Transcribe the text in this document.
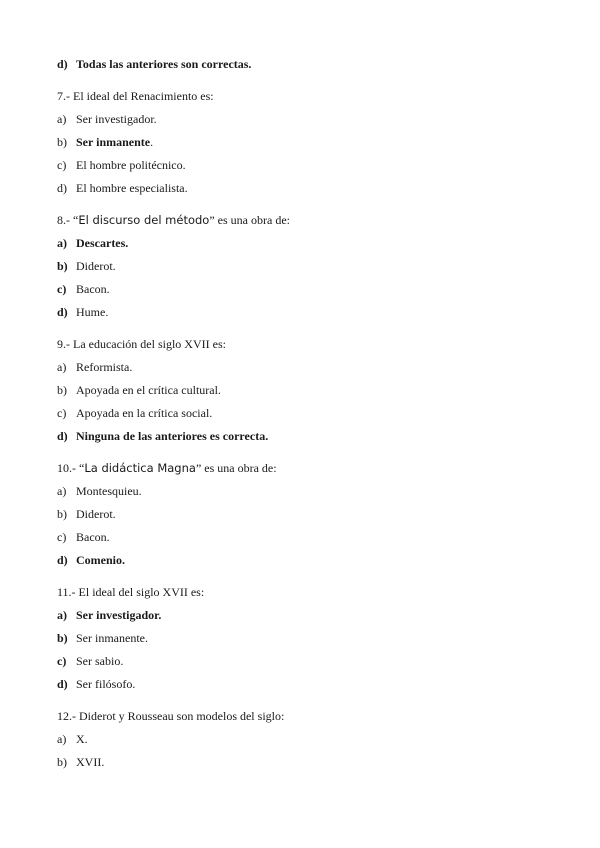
d) Todas las anteriores son correctas.
7.- El ideal del Renacimiento es:
a) Ser investigador.
b) Ser inmanente.
c) El hombre politécnico.
d) El hombre especialista.
8.- “El discurso del método” es una obra de:
a) Descartes.
b) Diderot.
c) Bacon.
d) Hume.
9.- La educación del siglo XVII es:
a) Reformista.
b) Apoyada en el crítica cultural.
c) Apoyada en la crítica social.
d) Ninguna de las anteriores es correcta.
10.- “La didáctica Magna” es una obra de:
a) Montesquieu.
b) Diderot.
c) Bacon.
d) Comenio.
11.- El ideal del siglo XVII es:
a) Ser investigador.
b) Ser inmanente.
c) Ser sabio.
d) Ser filósofo.
12.- Diderot y Rousseau son modelos del siglo:
a) X.
b) XVII.
